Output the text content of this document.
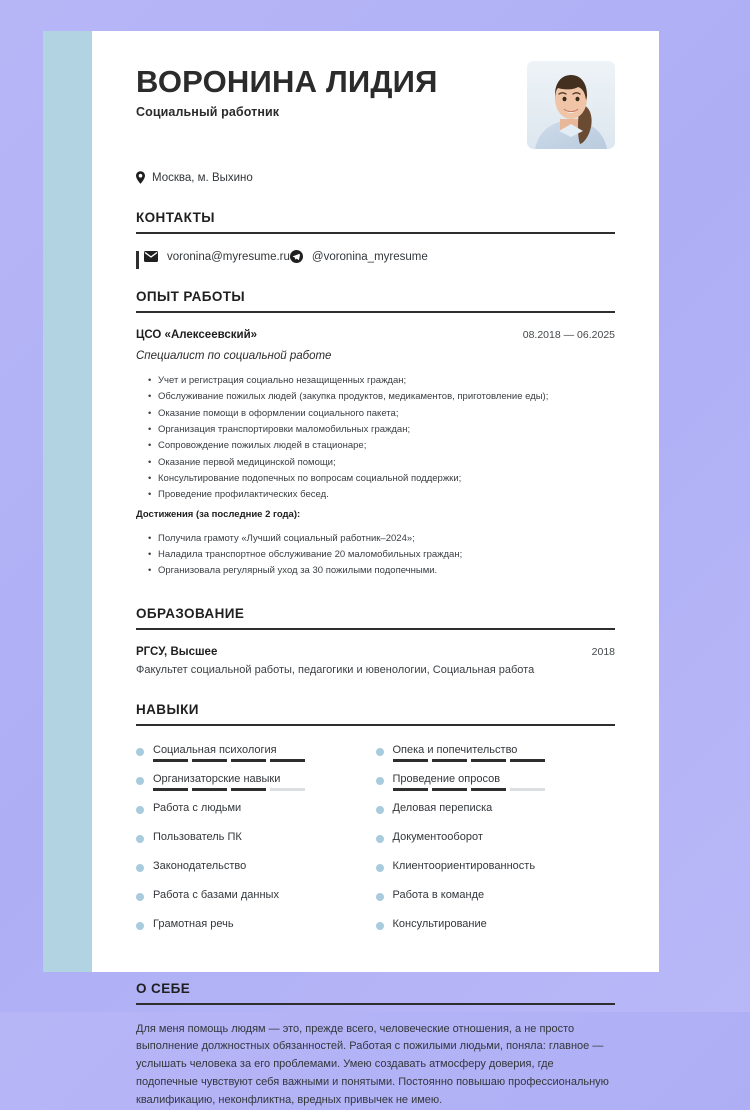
ВОРОНИНА ЛИДИЯ
Социальный работник
Москва, м. Выхино
КОНТАКТЫ
voronina@myresume.ru @voronina_myresume
ОПЫТ РАБОТЫ
ЦСО «Алексеевский»	08.2018 — 06.2025
Специалист по социальной работе
• Учет и регистрация социально незащищенных граждан;
• Обслуживание пожилых людей (закупка продуктов, медикаментов, приготовление еды);
• Оказание помощи в оформлении социального пакета;
• Организация транспортировки маломобильных граждан;
• Сопровождение пожилых людей в стационаре;
• Оказание первой медицинской помощи;
• Консультирование подопечных по вопросам социальной поддержки;
• Проведение профилактических бесед.
Достижения (за последние 2 года):
• Получила грамоту «Лучший социальный работник–2024»;
• Наладила транспортное обслуживание 20 маломобильных граждан;
• Организовала регулярный уход за 30 пожилыми подопечными.
ОБРАЗОВАНИЕ
РГСУ, Высшее	2018
Факультет социальной работы, педагогики и ювенологии, Социальная работа
НАВЫКИ
Социальная психология
Организаторские навыки
Работа с людьми
Пользователь ПК
Законодательство
Работа с базами данных
Грамотная речь
Опека и попечительство
Проведение опросов
Деловая переписка
Документооборот
Клиентоориентированность
Работа в команде
Консультирование
О СЕБЕ

Для меня помощь людям — это, прежде всего, человеческие отношения, а не просто выполнение должностных обязанностей. Работая с пожилыми людьми, поняла: главное — услышать человека за его проблемами. Умею создавать атмосферу доверия, где подопечные чувствуют себя важными и понятыми. Постоянно повышаю профессиональную квалификацию, неконфликтна, вредных привычек не имею.
